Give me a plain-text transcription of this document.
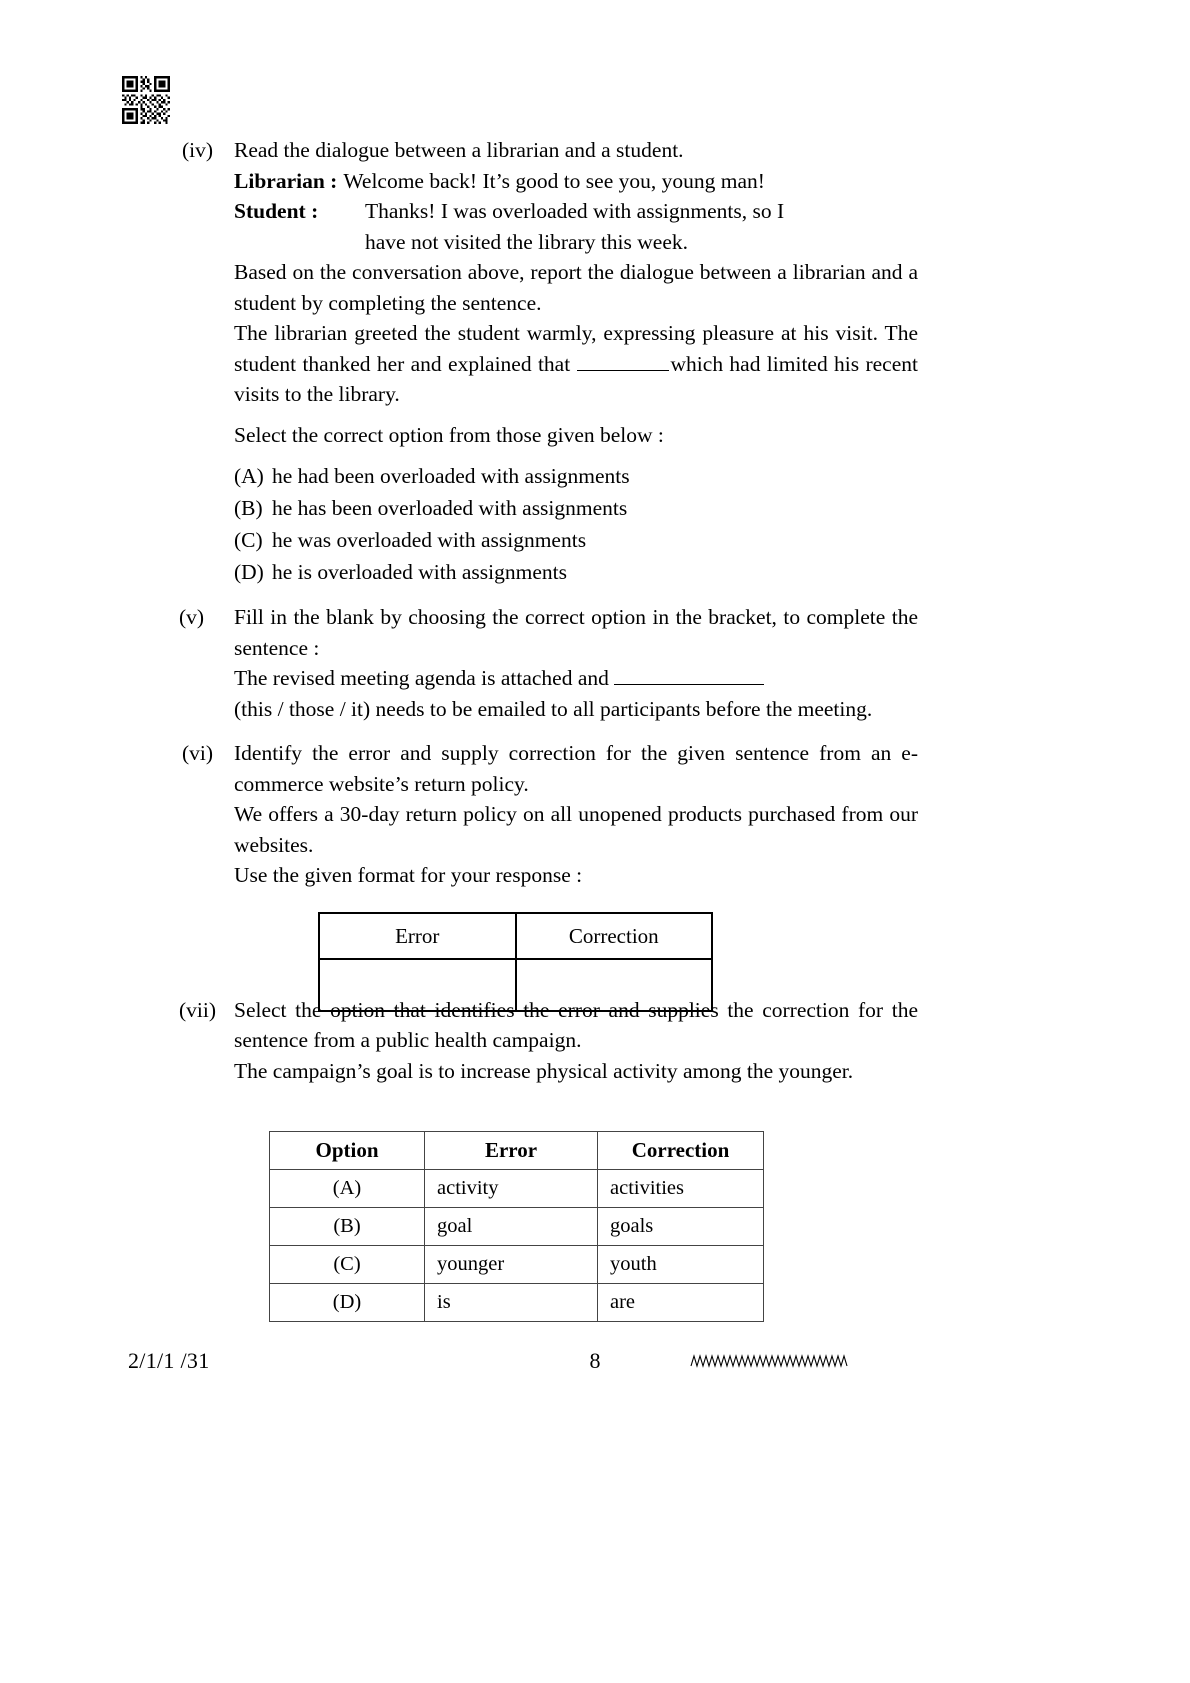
(iv) Read the dialogue between a librarian and a student.

Librarian : Welcome back! It’s good to see you, young man!
Student :	Thanks! I was overloaded with assignments, so I
have not visited the library this week.

Based on the conversation above, report the dialogue between a librarian and a student by completing the sentence.

The librarian greeted the student warmly, expressing pleasure at his visit. The student thanked her and explained that	which had limited his recent visits to the library.

Select the correct option from those given below :

(A) he had been overloaded with assignments
(B) he has been overloaded with assignments
(C) he was overloaded with assignments
(D) he is overloaded with assignments
(v)	Fill in the blank by choosing the correct option in the bracket, to complete the sentence :

The revised meeting agenda is attached and

(this / those / it) needs to be emailed to all participants before the meeting.

(vi) Identify the error and supply correction for the given sentence from an e-commerce website’s return policy.

We offers a 30-day return policy on all unopened products purchased from our websites.

Use the given format for your response :

(vii) Select the option that identifies the error and supplies the correction for the sentence from a public health campaign.

The campaign’s goal is to increase physical activity among the younger.

Error	Correction

Option	Error	Correction
(A)	activity	activities
(B)	goal	goals
(C)	younger	youth
(D)	is	are
2/1/1 /31	8
